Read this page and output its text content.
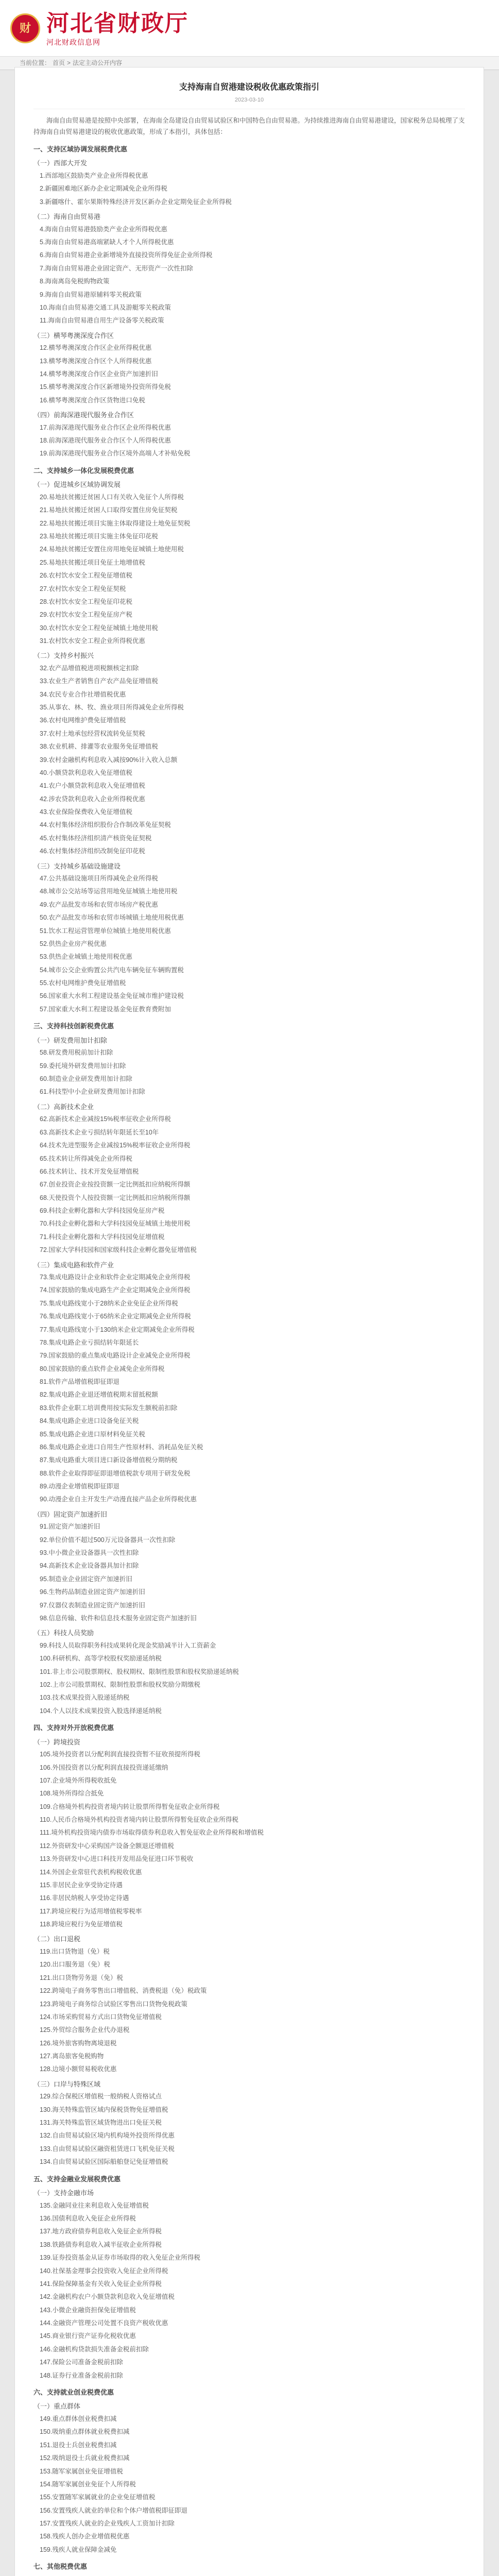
财 河北省财政厅
河北财政信息网
当前位置： 首页 > 法定主动公开内容
支持海南自贸港建设税收优惠政策指引
2023-03-10
海南自由贸易港是按照中央部署，在海南全岛建设自由贸易试验区和中国特色自由贸易港。为持续推进海南自由贸易港建设，国家税务总局梳理了支持海南自由贸易港建设的税收优惠政策，形成了本指引，具体包括：
一、支持区域协调发展税费优惠
（一）西部大开发
1.西部地区鼓励类产业企业所得税优惠
2.新疆困难地区新办企业定期减免企业所得税
3.新疆喀什、霍尔果斯特殊经济开发区新办企业定期免征企业所得税
（二）海南自由贸易港
4.海南自由贸易港鼓励类产业企业所得税优惠
5.海南自由贸易港高端紧缺人才个人所得税优惠
6.海南自由贸易港企业新增境外直接投资所得免征企业所得税
7.海南自由贸易港企业固定资产、无形资产一次性扣除
8.海南离岛免税购物政策
9.海南自由贸易港原辅料零关税政策
10.海南自由贸易港交通工具及游艇零关税政策
11.海南自由贸易港自用生产设备零关税政策
（三）横琴粤澳深度合作区
12.横琴粤澳深度合作区企业所得税优惠
13.横琴粤澳深度合作区个人所得税优惠
14.横琴粤澳深度合作区企业资产加速折旧
15.横琴粤澳深度合作区新增境外投资所得免税
16.横琴粤澳深度合作区货物进口免税
（四）前海深港现代服务业合作区
17.前海深港现代服务业合作区企业所得税优惠
18.前海深港现代服务业合作区个人所得税优惠
19.前海深港现代服务业合作区境外高端人才补贴免税
二、支持城乡一体化发展税费优惠
（一）促进城乡区域协调发展
20.易地扶贫搬迁贫困人口有关收入免征个人所得税
21.易地扶贫搬迁贫困人口取得安置住房免征契税
22.易地扶贫搬迁项目实施主体取得建设土地免征契税
23.易地扶贫搬迁项目实施主体免征印花税
24.易地扶贫搬迁安置住房用地免征城镇土地使用税
25.易地扶贫搬迁项目免征土地增值税
26.农村饮水安全工程免征增值税
27.农村饮水安全工程免征契税
28.农村饮水安全工程免征印花税
29.农村饮水安全工程免征房产税
30.农村饮水安全工程免征城镇土地使用税
31.农村饮水安全工程企业所得税优惠
（二）支持乡村振兴
32.农产品增值税进项税额核定扣除
33.农业生产者销售自产农产品免征增值税
34.农民专业合作社增值税优惠
35.从事农、林、牧、渔业项目所得减免企业所得税
36.农村电网维护费免征增值税
37.农村土地承包经营权流转免征契税
38.农业机耕、排灌等农业服务免征增值税
39.农村金融机构利息收入减按90%计入收入总额
40.小额贷款利息收入免征增值税
41.农户小额贷款利息收入免征增值税
42.涉农贷款利息收入企业所得税优惠
43.农业保险保费收入免征增值税
44.农村集体经济组织股份合作制改革免征契税
45.农村集体经济组织清产核资免征契税
46.农村集体经济组织改制免征印花税
（三）支持城乡基础设施建设
47.公共基础设施项目所得减免企业所得税
48.城市公交站场等运营用地免征城镇土地使用税
49.农产品批发市场和农贸市场房产税优惠
50.农产品批发市场和农贸市场城镇土地使用税优惠
51.饮水工程运营管理单位城镇土地使用税优惠
52.供热企业房产税优惠
53.供热企业城镇土地使用税优惠
54.城市公交企业购置公共汽电车辆免征车辆购置税
55.农村电网维护费免征增值税
56.国家重大水利工程建设基金免征城市维护建设税
57.国家重大水利工程建设基金免征教育费附加
三、支持科技创新税费优惠
（一）研发费用加计扣除
58.研发费用税前加计扣除
59.委托境外研发费用加计扣除
60.制造业企业研发费用加计扣除
61.科技型中小企业研发费用加计扣除
（二）高新技术企业
62.高新技术企业减按15%税率征收企业所得税
63.高新技术企业亏损结转年限延长至10年
64.技术先进型服务企业减按15%税率征收企业所得税
65.技术转让所得减免企业所得税
66.技术转让、技术开发免征增值税
67.创业投资企业按投资额一定比例抵扣应纳税所得额
68.天使投资个人按投资额一定比例抵扣应纳税所得额
69.科技企业孵化器和大学科技园免征房产税
70.科技企业孵化器和大学科技园免征城镇土地使用税
71.科技企业孵化器和大学科技园免征增值税
72.国家大学科技园和国家级科技企业孵化器免征增值税
（三）集成电路和软件产业
73.集成电路设计企业和软件企业定期减免企业所得税
74.国家鼓励的集成电路生产企业定期减免企业所得税
75.集成电路线宽小于28纳米企业免征企业所得税
76.集成电路线宽小于65纳米企业定期减免企业所得税
77.集成电路线宽小于130纳米企业定期减免企业所得税
78.集成电路企业亏损结转年限延长
79.国家鼓励的重点集成电路设计企业减免企业所得税
80.国家鼓励的重点软件企业减免企业所得税
81.软件产品增值税即征即退
82.集成电路企业退还增值税期末留抵税额
83.软件企业职工培训费用按实际发生额税前扣除
84.集成电路企业进口设备免征关税
85.集成电路企业进口原材料免征关税
86.集成电路企业进口自用生产性原材料、消耗品免征关税
87.集成电路重大项目进口新设备增值税分期纳税
88.软件企业取得即征即退增值税款专项用于研发免税
89.动漫企业增值税即征即退
90.动漫企业自主开发生产动漫直接产品企业所得税优惠
（四）固定资产加速折旧
91.固定资产加速折旧
92.单位价值不超过500万元设备器具一次性扣除
93.中小微企业设备器具一次性扣除
94.高新技术企业设备器具加计扣除
95.制造业企业固定资产加速折旧
96.生物药品制造业固定资产加速折旧
97.仪器仪表制造业固定资产加速折旧
98.信息传输、软件和信息技术服务业固定资产加速折旧
（五）科技人员奖励
99.科技人员取得职务科技成果转化现金奖励减半计入工资薪金
100.科研机构、高等学校股权奖励递延纳税
101.非上市公司股票期权、股权期权、限制性股票和股权奖励递延纳税
102.上市公司股票期权、限制性股票和股权奖励分期缴税
103.技术成果投资入股递延纳税
104.个人以技术成果投资入股选择递延纳税
四、支持对外开放税费优惠
（一）跨境投资
105.境外投资者以分配利润直接投资暂不征收预提所得税
106.外国投资者以分配利润直接投资递延缴纳
107.企业境外所得税收抵免
108.境外所得综合抵免
109.合格境外机构投资者境内转让股票所得暂免征收企业所得税
110.人民币合格境外机构投资者境内转让股票所得暂免征收企业所得税
111.境外机构投资境内债券市场取得债券利息收入暂免征收企业所得税和增值税
112.外资研发中心采购国产设备全额退还增值税
113.外资研发中心进口科技开发用品免征进口环节税收
114.外国企业常驻代表机构税收优惠
115.非居民企业享受协定待遇
116.非居民纳税人享受协定待遇
117.跨境应税行为适用增值税零税率
118.跨境应税行为免征增值税
（二）出口退税
119.出口货物退（免）税
120.出口服务退（免）税
121.出口货物劳务退（免）税
122.跨境电子商务零售出口增值税、消费税退（免）税政策
123.跨境电子商务综合试验区零售出口货物免税政策
124.市场采购贸易方式出口货物免征增值税
125.外贸综合服务企业代办退税
126.境外旅客购物离境退税
127.离岛旅客免税购物
128.边境小额贸易税收优惠
（三）口岸与特殊区域
129.综合保税区增值税一般纳税人资格试点
130.海关特殊监管区域内保税货物免征增值税
131.海关特殊监管区域货物进出口免征关税
132.自由贸易试验区境内机构境外投资所得优惠
133.自由贸易试验区融资租赁进口飞机免征关税
134.自由贸易试验区国际船舶登记免征增值税
五、支持金融业发展税费优惠
（一）支持金融市场
135.金融同业往来利息收入免征增值税
136.国债利息收入免征企业所得税
137.地方政府债券利息收入免征企业所得税
138.铁路债券利息收入减半征收企业所得税
139.证券投资基金从证券市场取得的收入免征企业所得税
140.社保基金理事会投资收入免征企业所得税
141.保险保障基金有关收入免征企业所得税
142.金融机构农户小额贷款利息收入免征增值税
143.小微企业融资担保免征增值税
144.金融资产管理公司处置不良资产税收优惠
145.商业银行资产证券化税收优惠
146.金融机构贷款损失准备金税前扣除
147.保险公司准备金税前扣除
148.证券行业准备金税前扣除
六、支持就业创业税费优惠
（一）重点群体
149.重点群体创业税费扣减
150.吸纳重点群体就业税费扣减
151.退役士兵创业税费扣减
152.吸纳退役士兵就业税费扣减
153.随军家属创业免征增值税
154.随军家属创业免征个人所得税
155.安置随军家属就业的企业免征增值税
156.安置残疾人就业的单位和个体户增值税即征即退
157.安置残疾人就业的企业残疾人工资加计扣除
158.残疾人创办企业增值税优惠
159.残疾人就业保障金减免
七、其他税费优惠
